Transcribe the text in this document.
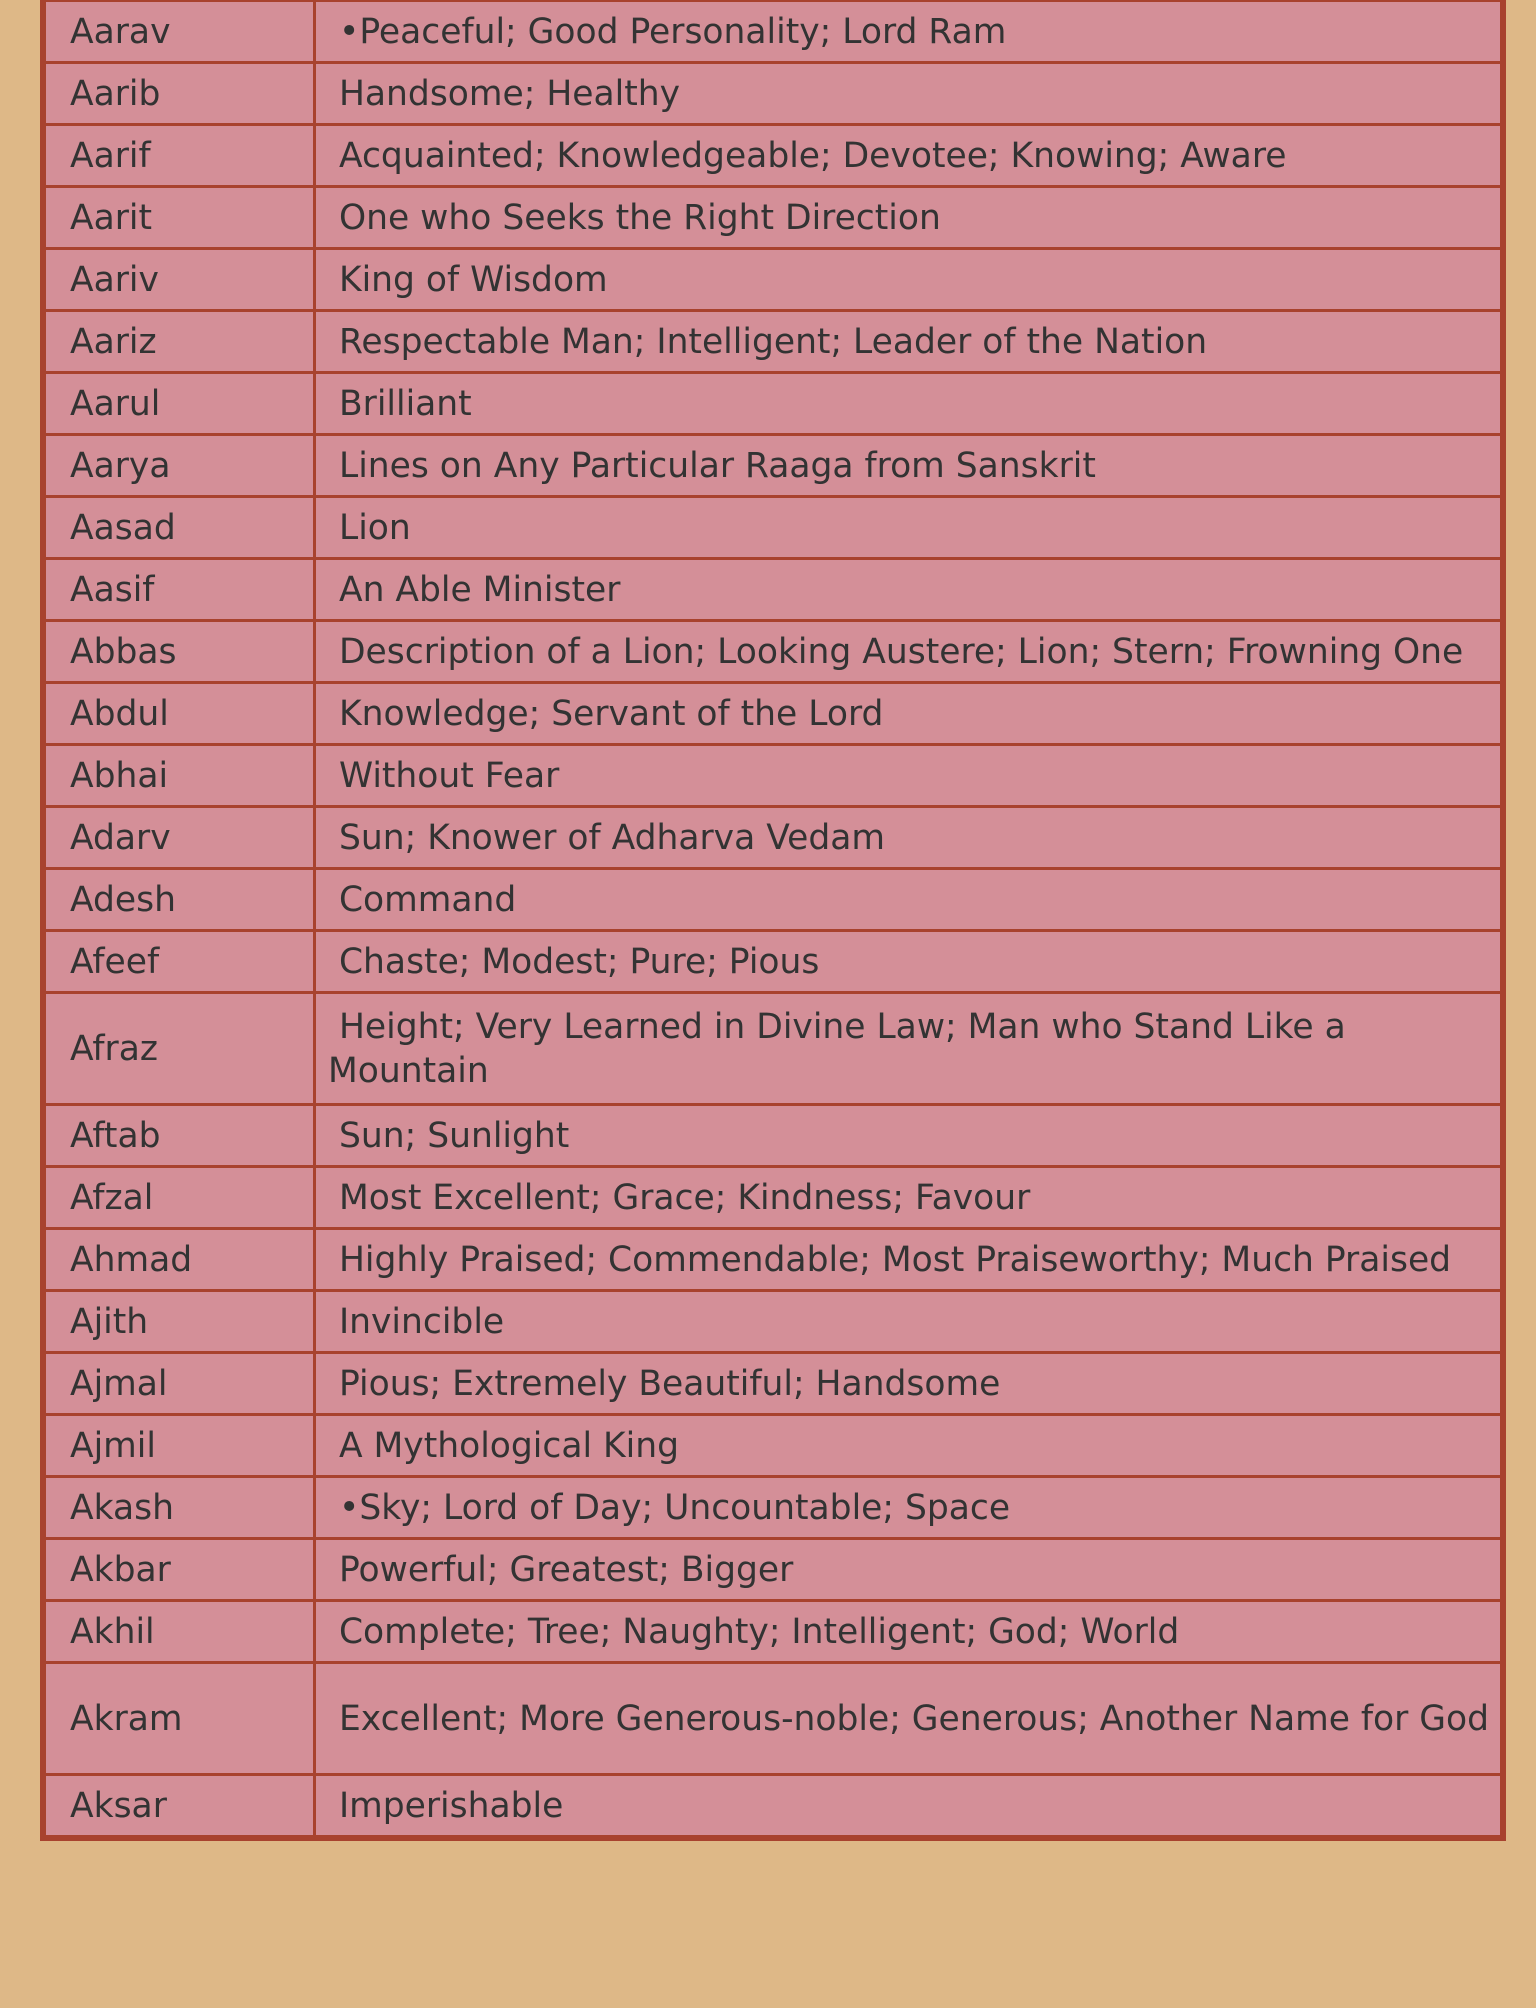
Aarav	•Peaceful; Good Personality; Lord Ram
Aarib	Handsome; Healthy
Aarif	Acquainted; Knowledgeable; Devotee; Knowing; Aware
Aarit	One who Seeks the Right Direction
Aariv	King of Wisdom
Aariz	Respectable Man; Intelligent; Leader of the Nation
Aarul	Brilliant
Aarya	Lines on Any Particular Raaga from Sanskrit
Aasad	Lion
Aasif	An Able Minister
Abbas	Description of a Lion; Looking Austere; Lion; Stern; Frowning One
Abdul	Knowledge; Servant of the Lord
Abhai	Without Fear
Adarv	Sun; Knower of Adharva Vedam
Adesh	Command
Afeef	Chaste; Modest; Pure; Pious
Afraz	Height; Very Learned in Divine Law; Man who Stand Like a Mountain
Aftab	Sun; Sunlight
Afzal	Most Excellent; Grace; Kindness; Favour
Ahmad	Highly Praised; Commendable; Most Praiseworthy; Much Praised
Ajith	Invincible
Ajmal	Pious; Extremely Beautiful; Handsome
Ajmil	A Mythological King
Akash	•Sky; Lord of Day; Uncountable; Space
Akbar	Powerful; Greatest; Bigger
Akhil	Complete; Tree; Naughty; Intelligent; God; World
Akram	Excellent; More Generous-noble; Generous; Another Name for God
Aksar	Imperishable
